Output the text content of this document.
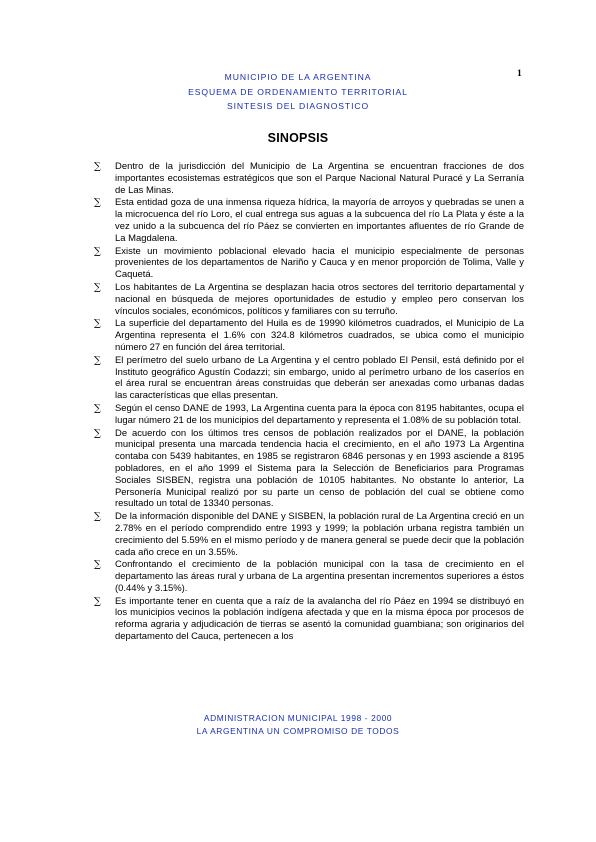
MUNICIPIO DE LA ARGENTINA
ESQUEMA DE ORDENAMIENTO TERRITORIAL
SINTESIS DEL DIAGNOSTICO
1
SINOPSIS
∑ Dentro de la jurisdicción del Municipio de La Argentina se encuentran fracciones de dos importantes ecosistemas estratégicos que son el Parque Nacional Natural Puracé y La Serranía de Las Minas.
∑ Esta entidad goza de una inmensa riqueza hídrica, la mayoría de arroyos y quebradas se unen a la microcuenca del río Loro, el cual entrega sus aguas a la subcuenca del río La Plata y éste a la vez unido a la subcuenca del río Páez se convierten en importantes afluentes de río Grande de La Magdalena.
∑ Existe un movimiento poblacional elevado hacia el municipio especialmente de personas provenientes de los departamentos de Nariño y Cauca y en menor proporción de Tolima, Valle y Caquetá.
∑ Los habitantes de La Argentina se desplazan hacia otros sectores del territorio departamental y nacional en búsqueda de mejores oportunidades de estudio y empleo pero conservan los vínculos sociales, económicos, políticos y familiares con su terruño.
∑ La superficie del departamento del Huila es de 19990 kilómetros cuadrados, el Municipio de La Argentina representa el 1.6% con 324.8 kilómetros cuadrados, se ubica como el municipio número 27 en función del área territorial.
∑ El perímetro del suelo urbano de La Argentina y el centro poblado El Pensil, está definido por el Instituto geográfico Agustín Codazzi; sin embargo, unido al perímetro urbano de los caseríos en el área rural se encuentran áreas construidas que deberán ser anexadas como urbanas dadas las características que ellas presentan.
∑ Según el censo DANE de 1993, La Argentina cuenta para la época con 8195 habitantes, ocupa el lugar número 21 de los municipios del departamento y representa el 1.08% de su población total.
∑ De acuerdo con los últimos tres censos de población realizados por el DANE, la población municipal presenta una marcada tendencia hacia el crecimiento, en el año 1973 La Argentina contaba con 5439 habitantes, en 1985 se registraron 6846 personas y en 1993 asciende a 8195 pobladores, en el año 1999 el Sistema para la Selección de Beneficiarios para Programas Sociales SISBEN, registra una población de 10105 habitantes. No obstante lo anterior, La Personería Municipal realizó por su parte un censo de población del cual se obtiene como resultado un total de 13340 personas.
∑ De la información disponible del DANE y SISBEN, la población rural de La Argentina creció en un 2.78% en el período comprendido entre 1993 y 1999; la población urbana registra también un crecimiento del 5.59% en el mismo período y de manera general se puede decir que la población cada año crece en un 3.55%.
∑ Confrontando el crecimiento de la población municipal con la tasa de crecimiento en el departamento las áreas rural y urbana de La argentina presentan incrementos superiores a éstos (0.44% y 3.15%).
∑ Es importante tener en cuenta que a raíz de la avalancha del río Páez en 1994 se distribuyó en los municipios vecinos la población indígena afectada y que en la misma época por procesos de reforma agraria y adjudicación de tierras se asentó la comunidad guambiana; son originarios del departamento del Cauca, pertenecen a los
ADMINISTRACION MUNICIPAL 1998 - 2000
LA ARGENTINA UN COMPROMISO DE TODOS
